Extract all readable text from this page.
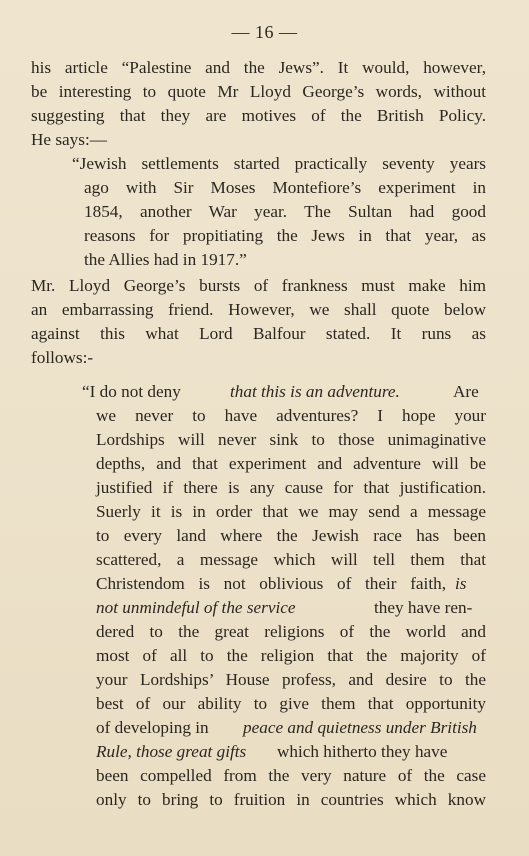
— 16 —
his article “Palestine and the Jews”. It would, however,
be interesting to quote Mr Lloyd George’s words, without
suggesting that they are motives of the British Policy.
He says:—
“Jewish settlements started practically seventy years
ago with Sir Moses Montefiore’s experiment in
1854, another War year. The Sultan had good
reasons for propitiating the Jews in that year, as
the Allies had in 1917.”
Mr. Lloyd George’s bursts of frankness must make him
an embarrassing friend. However, we shall quote below
against this what Lord Balfour stated. It runs as
follows:-
“I do not deny	that this is an adventure.	Are
we never to have adventures? I hope your
Lordships will never sink to those unimaginative
depths, and that experiment and adventure will be
justified if there is any cause for that justification.
Suerly it is in order that we may send a message
to every land where the Jewish race has been
scattered, a message which will tell them that
Christendom is not oblivious of their faith, is
not unmindeful of the service	they have ren-
dered to the great religions of the world and
most of all to the religion that the majority of
your Lordships’ House profess, and desire to the
best of our ability to give them that opportunity
of developing in peace and quietness under British
Rule, those great gifts which hitherto they have
been compelled from the very nature of the case
only to bring to fruition in countries which know
